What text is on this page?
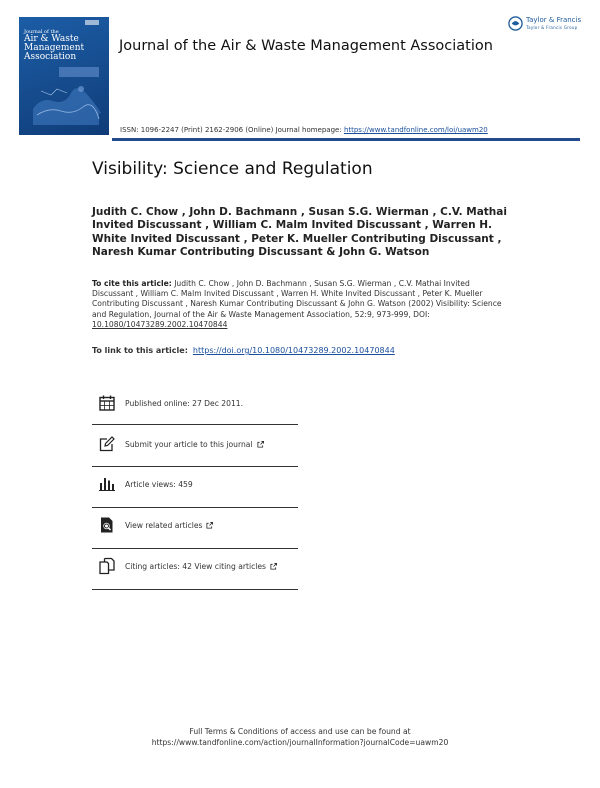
Journal of the
Air & Waste
Management
Association
Taylor & Francis
Taylor & Francis Group
Journal of the Air & Waste Management Association
ISSN: 1096-2247 (Print) 2162-2906 (Online) Journal homepage: https://www.tandfonline.com/loi/uawm20
Visibility: Science and Regulation
Judith C. Chow , John D. Bachmann , Susan S.G. Wierman , C.V. Mathai Invited Discussant , William C. Malm Invited Discussant , Warren H. White Invited Discussant , Peter K. Mueller Contributing Discussant , Naresh Kumar Contributing Discussant & John G. Watson
To cite this article: Judith C. Chow , John D. Bachmann , Susan S.G. Wierman , C.V. Mathai Invited Discussant , William C. Malm Invited Discussant , Warren H. White Invited Discussant , Peter K. Mueller Contributing Discussant , Naresh Kumar Contributing Discussant & John G. Watson (2002) Visibility: Science and Regulation, Journal of the Air & Waste Management Association, 52:9, 973-999, DOI: 10.1080/10473289.2002.10470844
To link to this article: https://doi.org/10.1080/10473289.2002.10470844
Published online: 27 Dec 2011.
Submit your article to this journal
Article views: 459
View related articles
Citing articles: 42 View citing articles
Full Terms & Conditions of access and use can be found at
https://www.tandfonline.com/action/journalInformation?journalCode=uawm20
